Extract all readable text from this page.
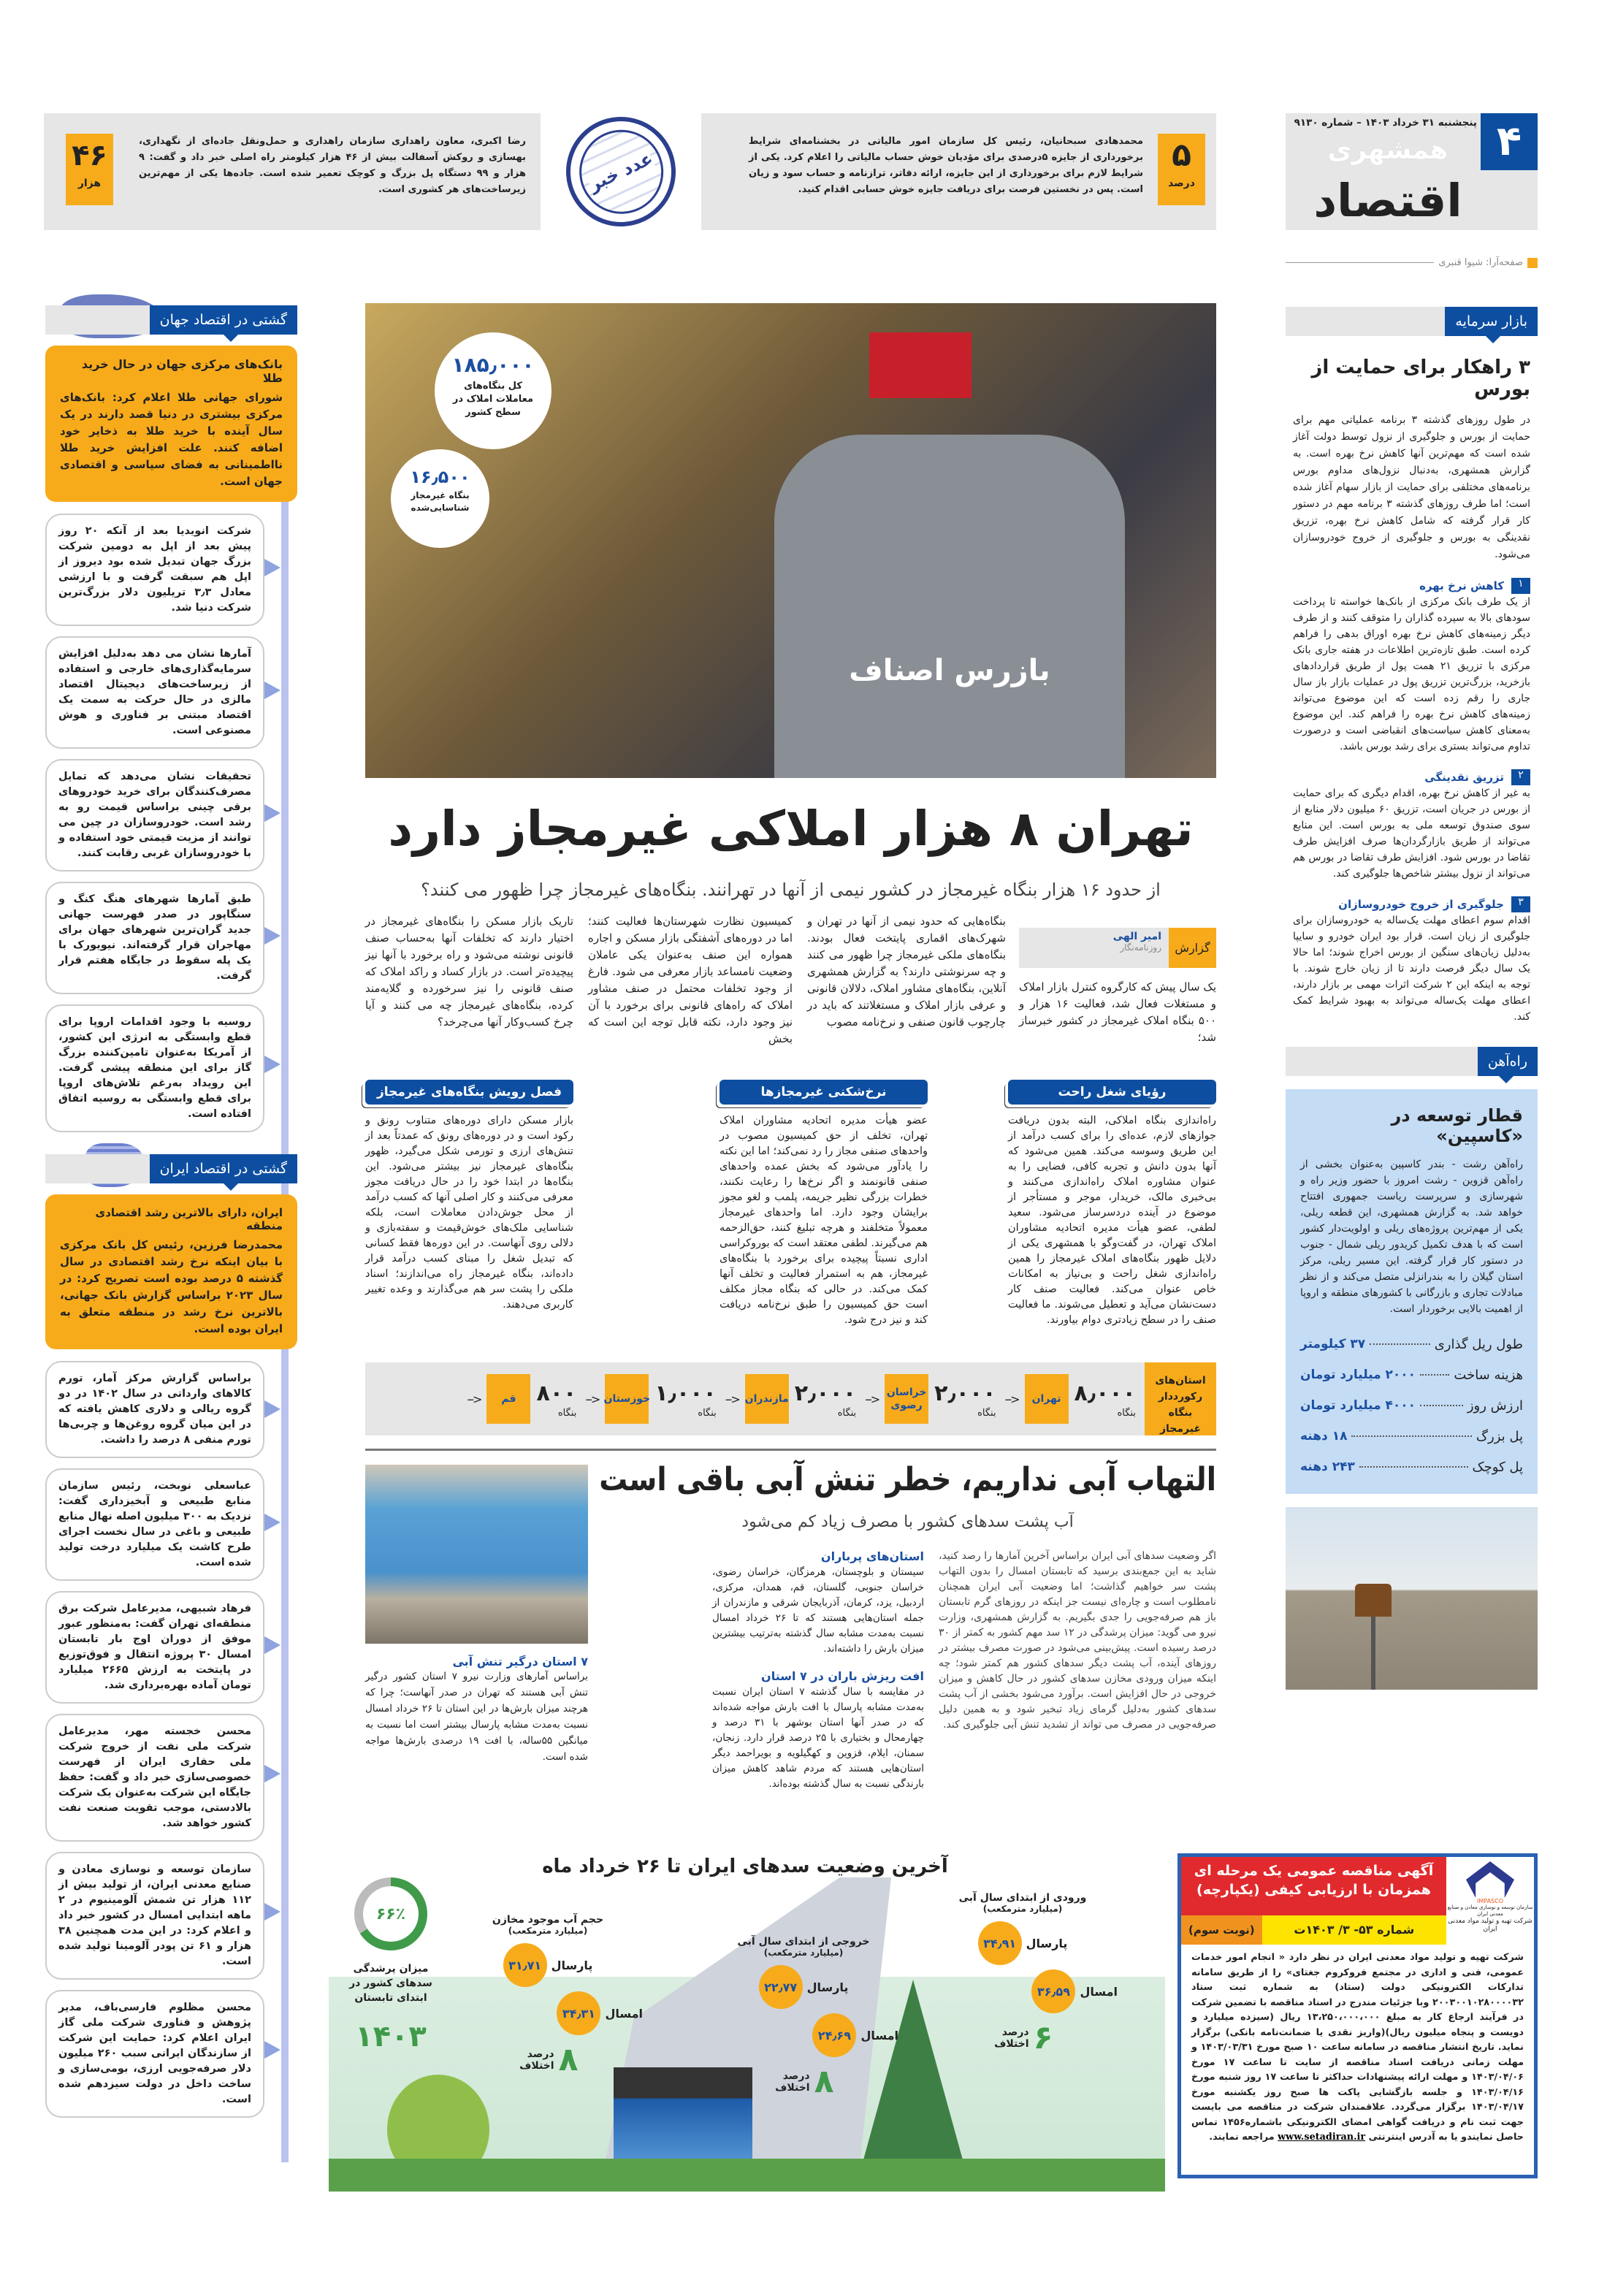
۴
پنجشنبه ۳۱ خرداد ۱۴۰۳ – شماره ۹۱۳۰
همشهری
اقتصاد
صفحه‌آرا: شیوا قنبری
۵
درصد
محمدهادی سبحانیان، رئیس کل سازمان امور مالیاتی در بخشنامه‌ای شرایط برخورداری از جایزه ۵درصدی برای مؤدیان خوش حساب مالیاتی را اعلام کرد. یکی از شرایط لازم برای برخورداری از این جایزه، ارائه دفاتر، ترازنامه و حساب سود و زیان است. پس در نخستین فرصت برای دریافت جایزه خوش حسابی اقدام کنید.
رضا اکبری، معاون راهداری سازمان راهداری و حمل‌ونقل جاده‌ای از نگهداری، بهسازی و روکش آسفالت بیش از ۴۶ هزار کیلومتر راه اصلی خبر داد و گفت: ۹ هزار و ۹۹ دستگاه پل بزرگ و کوچک تعمیر شده است. جاده‌ها یکی از مهم‌ترین زیرساخت‌های هر کشوری است.
۴۶
هزار	عدد خبر
بازار سرمایه
۳ راهکار برای حمایت از بورس

در طول روزهای گذشته ۳ برنامه عملیاتی مهم برای حمایت از بورس و جلوگیری از نزول توسط دولت آغاز شده است که مهم‌ترین آنها کاهش نرخ بهره است. به گزارش همشهری، به‌دنبال نزول‌های مداوم بورس برنامه‌های مختلفی برای حمایت از بازار سهام آغاز شده است؛ اما طرف روزهای گذشته ۳ برنامه مهم در دستور کار قرار گرفته که شامل کاهش نرخ بهره، تزریق نقدینگی به بورس و جلوگیری از خروج خودروسازان می‌شود.

۱
کاهش نرخ بهره

از یک طرف بانک مرکزی از بانک‌ها خواسته تا پرداخت سودهای بالا به سپرده گذاران را متوقف کنند و از طرف دیگر زمینه‌های کاهش نرخ بهره اوراق بدهی را فراهم کرده است. طبق تازه‌ترین اطلاعات در هفته جاری بانک مرکزی با تزریق ۲۱ همت پول از طریق قراردادهای بازخرید، بزرگ‌ترین تزریق پول در عملیات بازار باز سال جاری را رقم زده است که این موضوع می‌تواند زمینه‌های کاهش نرخ بهره را فراهم کند. این موضوع به‌معنای کاهش سیاست‌های انقباضی است و درصورت تداوم می‌تواند بستری برای رشد بورس باشد.

۲
تزریق نقدینگی

به غیر از کاهش نرخ بهره، اقدام دیگری که برای حمایت از بورس در جریان است، تزریق ۶۰ میلیون دلار منابع از سوی صندوق توسعه ملی به بورس است. این منابع می‌تواند از طریق بازارگردان‌ها صرف افزایش طرف تقاضا در بورس شود. افزایش طرف تقاضا در بورس هم می‌تواند از نزول بیشتر شاخص‌ها جلوگیری کند.

۳
جلوگیری از خروج خودروسازان

اقدام سوم اعطای مهلت یک‌ساله به خودروسازان برای جلوگیری از زیان است. قرار بود ایران خودرو و سایپا به‌دلیل زیان‌های سنگین از بورس اخراج شوند؛ اما حالا یک سال دیگر فرصت دارند تا از زیان خارج شوند. با توجه به اینکه این ۲ شرکت اثرات مهمی بر بازار دارند، اعطای مهلت یک‌ساله می‌تواند به بهبود شرایط کمک کند.

راه‌آهن
قطار توسعه در «کاسپین»

راه‌آهن رشت - بندر کاسپین به‌عنوان بخشی از راه‌آهن قزوین - رشت امروز با حضور وزیر راه و شهرسازی و سرپرست ریاست جمهوری افتتاح خواهد شد. به گزارش همشهری، این قطعه ریلی، یکی از مهم‌ترین پروژه‌های ریلی و اولویت‌دار کشور است که با هدف تکمیل کریدور ریلی شمال - جنوب در دستور کار قرار گرفته. این مسیر ریلی، مرکز استان گیلان را به بندرانزلی متصل می‌کند و از نظر مبادلات تجاری و بازرگانی با کشورهای منطقه و اروپا از اهمیت بالایی برخوردار است.

طول ریل گذاری
۳۷ کیلومتر
هزینه ساخت
۲۰۰۰ میلیارد تومان
ارزش روز
۴۰۰۰ میلیارد تومان
پل بزرگ
۱۸ دهنه
پل کوچک
۲۴۳ دهنه
بازرس اصناف
۱۸۵٫۰۰۰
کل بنگاه‌های معاملات املاک در سطح کشور
۱۶٫۵۰۰
بنگاه غیرمجاز شناسایی‌شده
تهران ۸ هزار املاکی غیرمجاز دارد
از حدود ۱۶ هزار بنگاه غیرمجاز در کشور نیمی از آنها در تهرانند. بنگاه‌های غیرمجاز چرا ظهور می کنند؟
گزارش
امیر الهی
روزنامه‌نگار
یک سال پیش که کارگروه کنترل بازار املاک و مستغلات فعال شد، فعالیت ۱۶ هزار و ۵۰۰ بنگاه املاک غیرمجاز در کشور خبرساز شد؛
بنگاه‌هایی که حدود نیمی از آنها در تهران و شهرک‌های اقماری پایتخت فعال بودند. بنگاه‌های ملکی غیرمجاز چرا ظهور می کنند و چه سرنوشتی دارند؟ به گزارش همشهری آنلاین، بنگاه‌های مشاور املاک، دلالان قانونی و عرفی بازار املاک و مستغلاتند که باید در چارچوب قانون صنفی و نرخ‌نامه مصوب
کمیسیون نظارت شهرستان‌ها فعالیت کنند؛ اما در دوره‌های آشفتگی بازار مسکن و اجاره همواره این صنف به‌عنوان یکی عاملان وضعیت نامساعد بازار معرفی می شود. فارغ از وجود تخلفات محتمل در صنف مشاور املاک که راه‌های قانونی برای برخورد با آن نیز وجود دارد، نکته قابل توجه این است که بخش
تاریک بازار مسکن را بنگاه‌های غیرمجاز در اختیار دارند که تخلفات آنها به‌حساب صنف قانونی نوشته می‌شود و راه برخورد با آنها نیز پیچیده‌تر است. در بازار کساد و راکد املاک که صنف قانونی را نیز سرخورده و گلایه‌مند کرده، بنگاه‌های غیرمجاز چه می کنند و آیا چرخ کسب‌وکار آنها می‌چرخد؟
رؤیای شغل راحت

راه‌اندازی بنگاه املاکی، البته بدون دریافت جوازهای لازم، عده‌ای را برای کسب درآمد از این طریق وسوسه می‌کند. همین می‌شود که آنها بدون دانش و تجربه کافی، فضایی را به عنوان مشاوره املاک راه‌اندازی می‌کنند و بی‌خبری مالک، خریدار، موجر و مستأجر از موضوع در آینده دردسرساز می‌شود. سعید لطفی، عضو هیأت مدیره اتحادیه مشاوران املاک تهران، در گفت‌وگو با همشهری یکی از دلایل ظهور بنگاه‌های املاک غیرمجاز را همین راه‌اندازی شغل راحت و بی‌نیاز به امکانات خاص عنوان می‌کند. فعالیت صنف کار دست‌نشان می‌آید و تعطیل می‌شوند. ما فعالیت صنف را در سطح زیادتری دوام بیاورند.

نرخ‌شکنی غیرمجازها

عضو هیأت مدیره اتحادیه مشاوران املاک تهران، تخلف از حق کمیسیون مصوب در واحدهای صنفی مجاز را رد نمی‌کند؛ اما این نکته را یادآور می‌شود که بخش عمده واحدهای صنفی قانونمند و اگر نرخ‌ها را رعایت نکنند، خطرات بزرگی نظیر جریمه، پلمب و لغو مجوز برایشان وجود دارد. اما واحدهای غیرمجاز معمولاً متخلفند و هرچه تبلیغ کنند، حق‌الزحمه هم می‌گیرند. لطفی معتقد است که بوروکراسی اداری نسبتاً پیچیده برای برخورد با بنگاه‌های غیرمجاز، هم به استمرار فعالیت و تخلف آنها کمک می‌کند. در حالی که بنگاه مجاز مکلف است حق کمیسیون را طبق نرخ‌نامه دریافت کند و نیز درج شود.

فصل رویش بنگاه‌های غیرمجاز

بازار مسکن دارای دوره‌های متناوب رونق و رکود است و در دوره‌های رونق که عمدتاً بعد از تنش‌های ارزی و تورمی شکل می‌گیرد، ظهور بنگاه‌های غیرمجاز نیز بیشتر می‌شود. این بنگاه‌ها در ابتدا خود را در حال دریافت مجوز معرفی می‌کنند و کار اصلی آنها که کسب درآمد از محل جوش‌دادن معاملات است، بلکه شناسایی ملک‌های خوش‌قیمت و سفته‌بازی و دلالی روی آنهاست. در این دوره‌ها فقط کسانی که تبدیل شغل را مبنای کسب درآمد قرار داده‌اند، بنگاه غیرمجاز راه می‌اندازند؛ اسناد ملکی را پشت سر هم می‌گذارند و وعده تغییر کاربری می‌دهند.

استان‌های رکورددار بنگاه غیرمجاز
۸٫۰۰۰
بنگاه
تهران
<--
۲٫۰۰۰
بنگاه
خراسان رضوی
<--
۲٫۰۰۰
بنگاه
مازندران
<--
۱٫۰۰۰
بنگاه
خوزستان
<--
۸۰۰
بنگاه
قم
<--
التهاب آبی نداریم، خطر تنش آبی باقی است
آب پشت سدهای کشور با مصرف زیاد کم می‌شود
اگر وضعیت سدهای آبی ایران براساس آخرین آمارها را رصد کنید، شاید به این جمع‌بندی برسید که تابستان امسال را بدون التهاب پشت سر خواهیم گذاشت؛ اما وضعیت آبی ایران همچنان نامطلوب است و چاره‌ای نیست جز اینکه در روزهای گرم تابستان باز هم صرفه‌جویی را جدی بگیریم. به گزارش همشهری، وزارت نیرو می گوید: میزان پرشدگی در ۱۲ سد مهم کشور به کمتر از ۳۰ درصد رسیده است. پیش‌بینی می‌شود در صورت مصرف بیشتر در روزهای آینده، آب پشت دیگر سدهای کشور هم کمتر شود؛ چه اینکه میزان ورودی مخازن سدهای کشور در حال کاهش و میزان خروجی در حال افزایش است. برآورد می‌شود بخشی از آب پشت سدهای کشور به‌دلیل گرمای زیاد تبخیر شود و به همین دلیل صرفه‌جویی در مصرف می تواند از تشدید تنش آبی جلوگیری کند.
استان‌های پرباران

سیستان و بلوچستان، هرمزگان، خراسان رضوی، خراسان جنوبی، گلستان، قم، همدان، مرکزی، اردبیل، یزد، کرمان، آذربایجان شرقی و مازندران از جمله استان‌هایی هستند که تا ۲۶ خرداد امسال نسبت به‌مدت مشابه سال گذشته به‌ترتیب بیشترین میزان بارش را داشته‌اند.

افت ریزش باران در ۷ استان

در مقایسه با سال گذشته ۷ استان ایران نسبت به‌مدت مشابه پارسال با افت بارش مواجه شده‌اند که در صدر آنها استان بوشهر با ۳۱ درصد و چهارمحال و بختیاری با ۲۵ درصد قرار دارد. زنجان، سمنان، ایلام، قزوین و کهگیلویه و بویراحمد دیگر استان‌هایی هستند که مردم شاهد کاهش میزان بارندگی نسبت به سال گذشته بوده‌اند.

۷ استان درگیر تنش آبی

براساس آمارهای وزارت نیرو ۷ استان کشور درگیر تنش آبی هستند که تهران در صدر آنهاست؛ چرا که هرچند میزان بارش‌ها در این استان تا ۲۶ خرداد امسال نسبت به‌مدت مشابه پارسال بیشتر است اما نسبت به میانگین ۵۵ساله، با افت ۱۹ درصدی بارش‌ها مواجه شده است.

آخرین وضعیت سدهای ایران تا ۲۶ خرداد ماه
حجم آب موجود مخازن
(میلیارد مترمکعب)
پارسال
۳۱٫۷۱
امسال
۳۴٫۳۱
۸
درصد اختلاف
خروجی از ابتدای سال آبی
(میلیارد مترمکعب)
پارسال
۲۲٫۷۷
امسال
۲۴٫۶۹
۸
درصد اختلاف
ورودی از ابتدای سال آبی
(میلیارد مترمکعب)
پارسال
۳۴٫۹۱
امسال
۳۶٫۵۹
۶
درصد اختلاف
۶۶٪
میزان پرشدگی سدهای کشور در ابتدای تابستان
۱۴۰۳
IMPASCO
سازمان توسعه و نوسازی معادن و صنایع معدنی ایران
شرکت تهیه و تولید مواد معدنی ایران
آگهی مناقصه عمومی یک مرحله ای همزمان با ارزیابی کیفی (یکپارچه)
شماره ۵۳- ۳/ ۱۴۰۳ت
(نوبت سوم)

شرکت تهیه و تولید مواد معدنی ایران در نظر دارد « انجام امور خدمات عمومی، فنی و اداری در مجتمع فروکروم جغتای» را از طریق سامانه تدارکات الکترونیکی دولت (ستاد) به شماره ثبت ستاد ۲۰۰۳۰۰۱۰۲۸۰۰۰۰۳۲ وبا جزئیات مندرج در اسناد مناقصه با تضمین شرکت در فرآیند ارجاع کار به مبلغ ۱۳،۲۵۰،۰۰۰،۰۰۰ ریال (سیزده میلیارد و دویست و پنجاه میلیون ریال)(واریز نقدی یا ضمانت‌نامه بانکی) برگزار نماید. تاریخ انتشار مناقصه در سامانه ساعت ۱۰ صبح مورخ ۱۴۰۳/۰۳/۳۱ و مهلت زمانی دریافت اسناد مناقصه از سایت تا ساعت ۱۷ مورخ ۱۴۰۳/۰۴/۰۶ و مهلت ارائه پیشنهادات حداکثر تا ساعت ۱۷ روز شنبه مورخ ۱۴۰۳/۰۴/۱۶ و جلسه بازگشایی پاکت ها صبح روز یکشنبه مورخ ۱۴۰۳/۰۴/۱۷ برگزار می‌گردد. علاقمندان شرکت در مناقصه می بایست جهت ثبت نام و دریافت گواهی امضای الکترونیکی باشماره۱۴۵۶ تماس حاصل نمایندو یا به آدرس اینترنتی www.setadiran.ir مراجعه نمایند.

گشتی در اقتصاد جهان
بانک‌های مرکزی جهان در حال خرید طلا
شورای جهانی طلا اعلام کرد: بانک‌های مرکزی بیشتری در دنیا قصد دارند در یک سال آینده با خرید طلا به ذخایر خود اضافه کنند. علت افزایش خرید طلا نااطمینانی به فضای سیاسی و اقتصادی جهان است.
شرکت انویدیا بعد از آنکه ۲۰ روز پیش بعد از اپل به دومین شرکت بزرگ جهان تبدیل شده بود دیروز از اپل هم سبقت گرفت و با ارزشی معادل ۳٫۳ تریلیون دلار بزرگ‌ترین شرکت دنیا شد.
آمارها نشان می دهد به‌دلیل افزایش سرمایه‌گذاری‌های خارجی و استفاده از زیرساخت‌های دیجیتال اقتصاد مالزی در حال حرکت به سمت یک اقتصاد مبتنی بر فناوری و هوش مصنوعی است.
تحقیقات نشان می‌دهد که تمایل مصرف‌کنندگان برای خرید خودروهای برقی چینی براساس قیمت رو به رشد است. خودروسازان در چین می توانند از مزیت قیمتی خود استفاده و با خودروسازان غربی رقابت کنند.
طبق آمارها شهرهای هنگ کنگ و سنگاپور در صدر فهرست جهانی جدید گران‌ترین شهرهای جهان برای مهاجران قرار گرفته‌اند. نیویورک با یک پله سقوط در جایگاه هفتم قرار گرفت.
روسیه با وجود اقدامات اروپا برای قطع وابستگی به انرژی این کشور، از آمریکا به‌عنوان تامین‌کننده بزرگ گاز برای این منطقه پیشی گرفت. این رویداد به‌رغم تلاش‌های اروپا برای قطع وابستگی به روسیه اتفاق افتاده است.
گشتی در اقتصاد ایران
ایران، دارای بالاترین رشد اقتصادی منطقه
محمدرضا فرزین، رئیس کل بانک مرکزی با بیان اینکه نرخ رشد اقتصادی در سال گذشته ۵ درصد بوده است تصریح کرد: در سال ۲۰۲۳ براساس گزارش بانک جهانی، بالاترین نرخ رشد در منطقه متعلق به ایران بوده است.
براساس گزارش مرکز آمار، تورم کالاهای وارداتی در سال ۱۴۰۲ در دو گروه ریالی و دلاری کاهش یافته که در این میان گروه روغن‌ها و چربی‌ها تورم منفی ۸ درصد را داشت.
عباسعلی نوبخت، رئیس سازمان منابع طبیعی و آبخیزداری گفت: نزدیک به ۳۰۰ میلیون اصله نهال منابع طبیعی و باغی در سال نخست اجرای طرح کاشت یک میلیارد درخت تولید شده است.
فرهاد شبیهی، مدیرعامل شرکت برق منطقه‌ای تهران گفت: به‌منظور عبور موفق از دوران اوج بار تابستان امسال ۳۰ پروژه انتقال و فوق‌توزیع در پایتخت به ارزش ۲۶۶۵ میلیارد تومان آماده بهره‌برداری شد.
محسن خجسته مهر، مدیرعامل شرکت ملی نفت از خروج شرکت ملی حفاری ایران از فهرست خصوصی‌سازی خبر داد و گفت: حفظ جایگاه این شرکت به‌عنوان یک شرکت بالادستی، موجب تقویت صنعت نفت کشور خواهد شد.
سازمان توسعه و نوسازی معادن و صنایع معدنی ایران، از تولید بیش از ۱۱۲ هزار تن شمش آلومینیوم در ۲ ماهه ابتدایی امسال در کشور خبر داد و اعلام کرد: در این مدت همچنین ۳۸ هزار و ۶۱ تن پودر آلومینا تولید شده است.
محسن مظلوم فارسی‌باف، مدیر پژوهش و فناوری شرکت ملی گاز ایران اعلام کرد: حمایت این شرکت از سازندگان ایرانی سبب ۲۶۰ میلیون دلار صرفه‌جویی ارزی، بومی‌سازی و ساخت داخل در دولت سیزدهم شده است.
